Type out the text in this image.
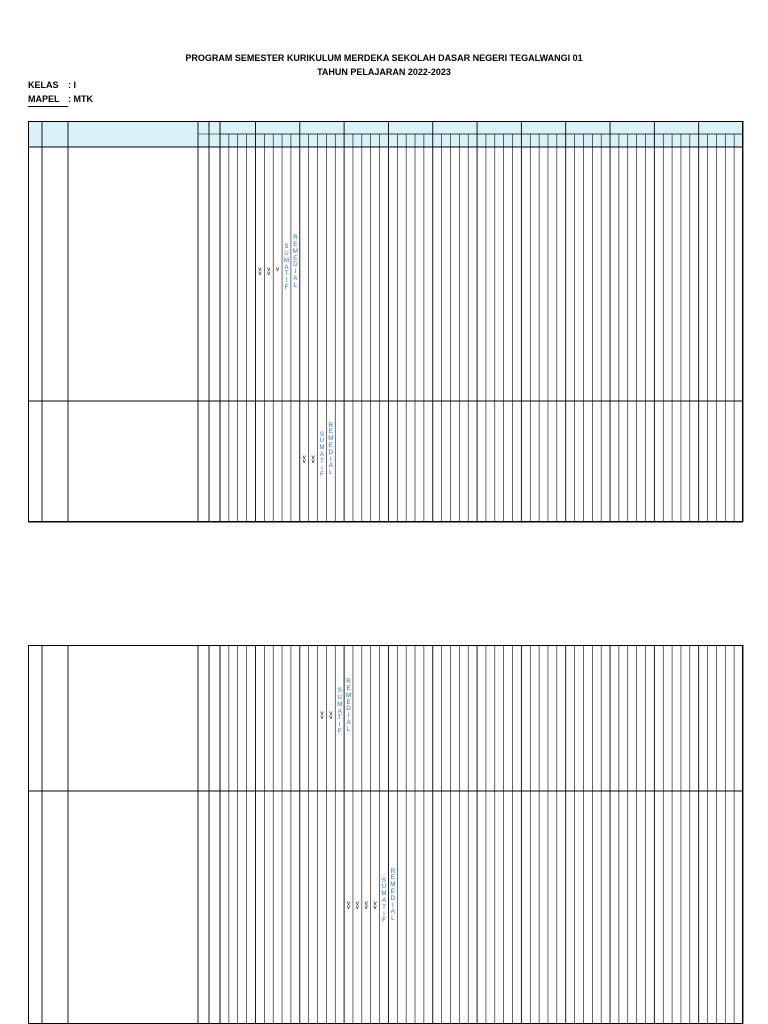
PROGRAM SEMESTER KURIKULUM MERDEKA SEKOLAH DASAR NEGERI TEGALWANGI 01
TAHUN PELAJARAN 2022-2023
KELAS : I
MAPEL : MTK
v
v
v
v
v
S
U
M
A
T
I
F
R
E
M
E
D
I
A
L
v
v
v
v
S
U
M
A
T
I
F
R
E
M
E
D
I
A
L
v
v
v
v
S
U
M
A
T
I
F
R
E
M
E
D
I
A
L
v
v
v
v
v
v
v
v
S
U
M
A
T
I
F
R
E
M
E
D
I
A
L
